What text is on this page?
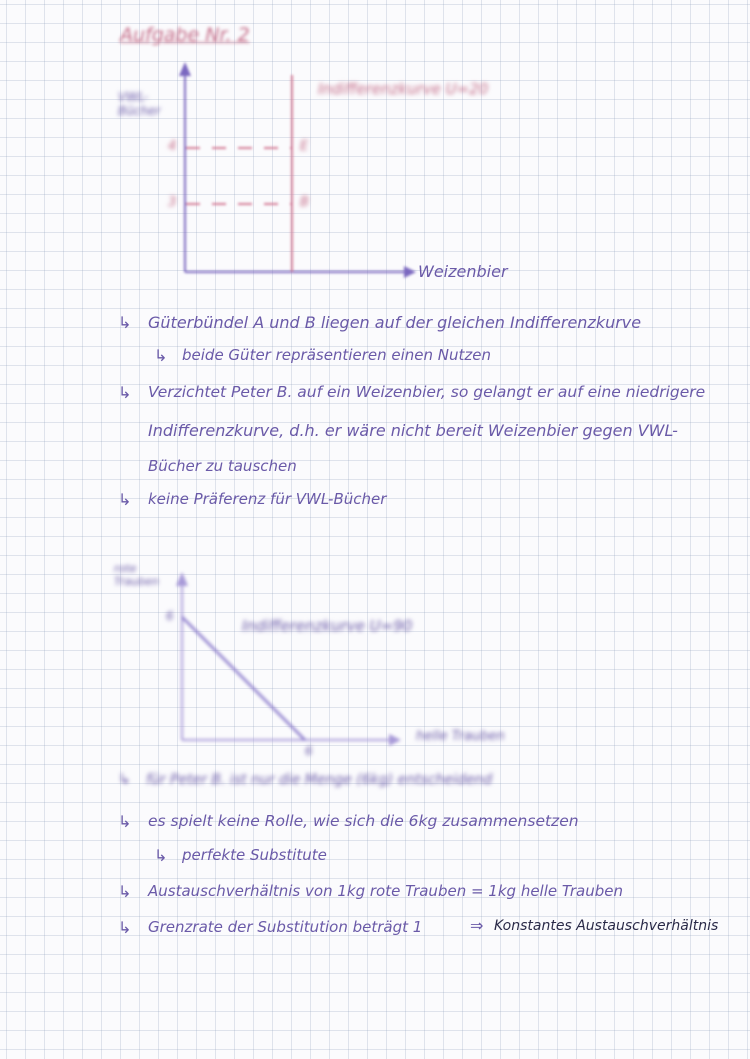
Aufgabe Nr. 2
Indifferenzkurve U=20
VWL-Bücher
4
3
E
B
Weizenbier
↳ Güterbündel A und B liegen auf der gleichen Indifferenzkurve
↳ beide Güter repräsentieren einen Nutzen
↳ Verzichtet Peter B. auf ein Weizenbier, so gelangt er auf eine niedrigere
Indifferenzkurve, d.h. er wäre nicht bereit Weizenbier gegen VWL-
Bücher zu tauschen
↳ keine Präferenz für VWL-Bücher
rote Trauben
6
Indifferenzkurve U=90
helle Trauben
6
↳ für Peter B. ist nur die Menge (6kg) entscheidend
↳ es spielt keine Rolle, wie sich die 6kg zusammensetzen
↳ perfekte Substitute
↳ Austauschverhältnis von 1kg rote Trauben = 1kg helle Trauben
↳ Grenzrate der Substitution beträgt 1	⇒ Konstantes Austauschverhältnis
